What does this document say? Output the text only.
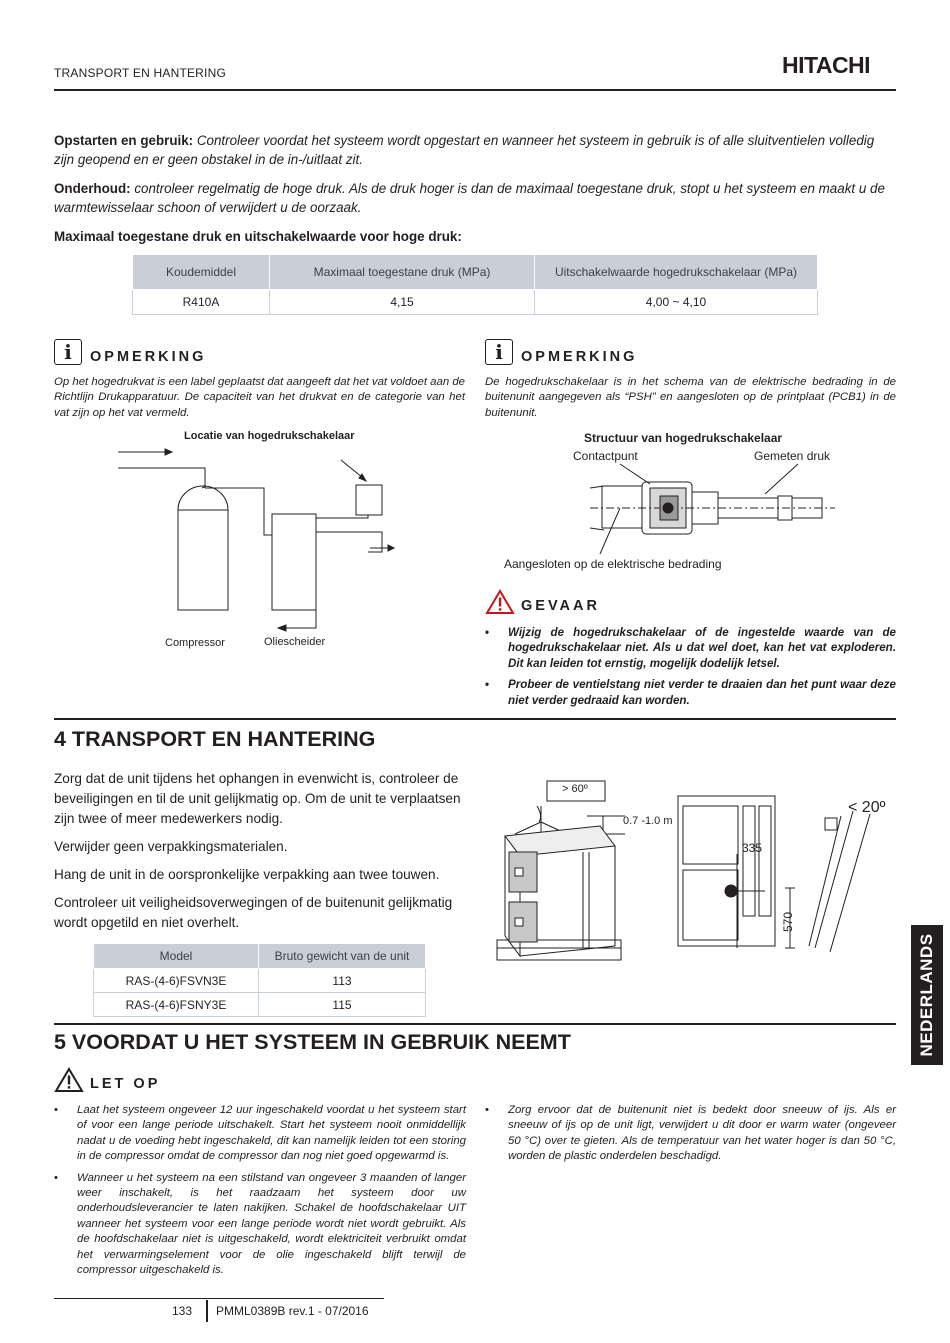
TRANSPORT EN HANTERING	HITACHI
Opstarten en gebruik: Controleer voordat het systeem wordt opgestart en wanneer het systeem in gebruik is of alle sluitventielen volledig zijn geopend en er geen obstakel in de in-/uitlaat zit.
Onderhoud: controleer regelmatig de hoge druk. Als de druk hoger is dan de maximaal toegestane druk, stopt u het systeem en maakt u de warmtewisselaar schoon of verwijdert u de oorzaak.
Maximaal toegestane druk en uitschakelwaarde voor hoge druk:
Koudemiddel	Maximaal toegestane druk (MPa)	Uitschakelwaarde hogedrukschakelaar (MPa)
R410A	4,15	4,00 ~ 4,10
i	OPMERKING
Op het hogedrukvat is een label geplaatst dat aangeeft dat het vat voldoet aan de Richtlijn Drukapparatuur. De capaciteit van het drukvat en de categorie van het vat zijn op het vat vermeld.
Locatie van hogedrukschakelaar
Compressor	Oliescheider
i	OPMERKING
De hogedrukschakelaar is in het schema van de elektrische bedrading in de buitenunit aangegeven als “PSH” en aangesloten op de printplaat (PCB1) in de buitenunit.
Structuur van hogedrukschakelaar
Contactpunt	Gemeten druk
Aangesloten op de elektrische bedrading
GEVAAR
• Wijzig de hogedrukschakelaar of de ingestelde waarde van de hogedrukschakelaar niet. Als u dat wel doet, kan het vat exploderen. Dit kan leiden tot ernstig, mogelijk dodelijk letsel.
• Probeer de ventielstang niet verder te draaien dan het punt waar deze niet verder gedraaid kan worden.
4 TRANSPORT EN HANTERING
Zorg dat de unit tijdens het ophangen in evenwicht is, controleer de beveiligingen en til de unit gelijkmatig op. Om de unit te verplaatsen zijn twee of meer medewerkers nodig.
Verwijder geen verpakkingsmaterialen.
Hang de unit in de oorspronkelijke verpakking aan twee touwen.
Controleer uit veiligheidsoverwegingen of de buitenunit gelijkmatig wordt opgetild en niet overhelt.
Model	Bruto gewicht van de unit
RAS-(4-6)FSVN3E	113
RAS-(4-6)FSNY3E	115
> 60º
0.7 -1.0 m
335
570
< 20º
NEDERLANDS
5 VOORDAT U HET SYSTEEM IN GEBRUIK NEEMT
LET OP
• Laat het systeem ongeveer 12 uur ingeschakeld voordat u het systeem start of voor een lange periode uitschakelt. Start het systeem nooit onmiddellijk nadat u de voeding hebt ingeschakeld, dit kan namelijk leiden tot een storing in de compressor omdat de compressor dan nog niet goed opgewarmd is.
• Wanneer u het systeem na een stilstand van ongeveer 3 maanden of langer weer inschakelt, is het raadzaam het systeem door uw onderhoudsleverancier te laten nakijken. Schakel de hoofdschakelaar UIT wanneer het systeem voor een lange periode wordt niet wordt gebruikt. Als de hoofdschakelaar niet is uitgeschakeld, wordt elektriciteit verbruikt omdat het verwarmingselement voor de olie ingeschakeld blijft terwijl de compressor uitgeschakeld is.
• Zorg ervoor dat de buitenunit niet is bedekt door sneeuw of ijs. Als er sneeuw of ijs op de unit ligt, verwijdert u dit door er warm water (ongeveer 50 °C) over te gieten. Als de temperatuur van het water hoger is dan 50 °C, worden de plastic onderdelen beschadigd.
133 PMML0389B rev.1 - 07/2016
